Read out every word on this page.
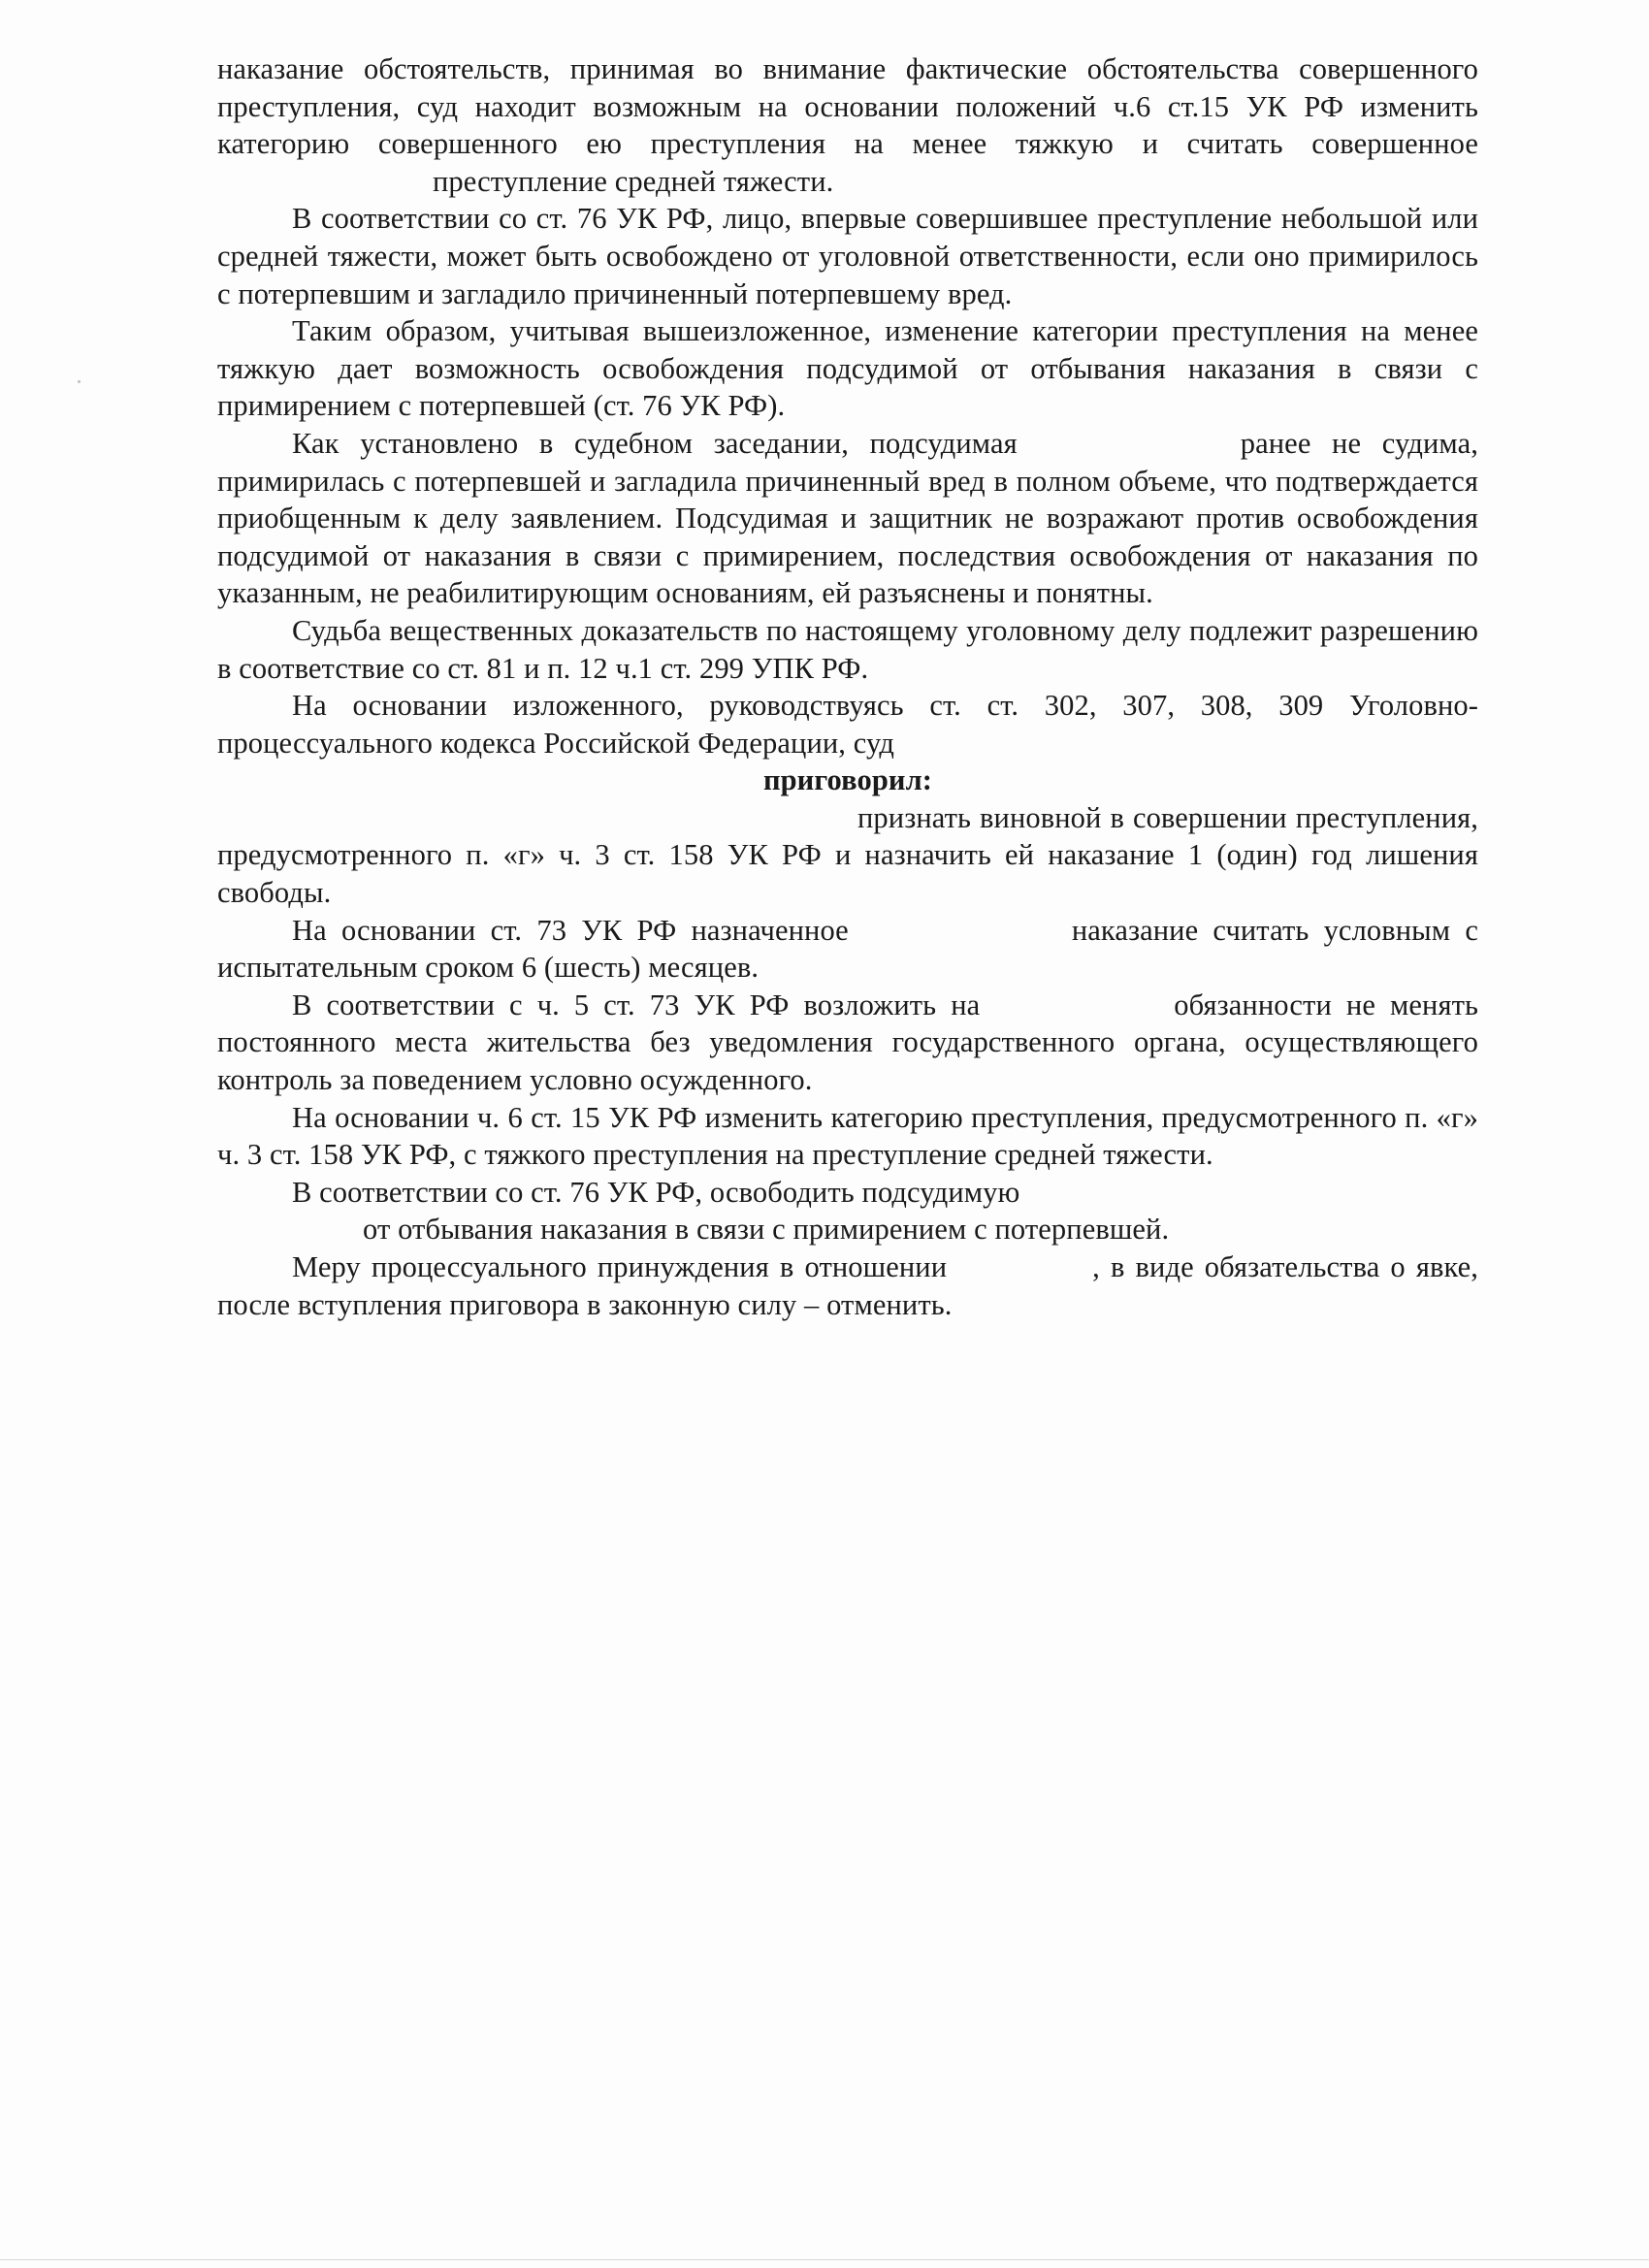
наказание обстоятельств, принимая во внимание фактические обстоятельства совершенного преступления, суд находит возможным на основании положений ч.6 ст.15 УК РФ изменить категорию совершенного ею преступления на менее тяжкую и считать совершенноепреступление средней тяжести.

В соответствии со ст. 76 УК РФ, лицо, впервые совершившее преступление небольшой или средней тяжести, может быть освобождено от уголовной ответственности, если оно примирилось с потерпевшим и загладило причиненный потерпевшему вред.

Таким образом, учитывая вышеизложенное, изменение категории преступления на менее тяжкую дает возможность освобождения подсудимой от отбывания наказания в связи с примирением с потерпевшей (ст. 76 УК РФ).

Как установлено в судебном заседании, подсудимая	ранее не судима, примирилась с потерпевшей и загладила причиненный вред в полном объеме, что подтверждается приобщенным к делу заявлением. Подсудимая и защитник не возражают против освобождения подсудимой от наказания в связи с примирением, последствия освобождения от наказания по указанным, не реабилитирующим основаниям, ей разъяснены и понятны.

Судьба вещественных доказательств по настоящему уголовному делу подлежит разрешению в соответствие со ст. 81 и п. 12 ч.1 ст. 299 УПК РФ.

На основании изложенного, руководствуясь ст. ст. 302, 307, 308, 309 Уголовно-процессуального кодекса Российской Федерации, суд

приговорил:

признать виновной в совершении преступления, предусмотренного п. «г» ч. 3 ст. 158 УК РФ и назначить ей наказание 1 (один) год лишения свободы.

На основании ст. 73 УК РФ назначенное	наказание считать условным с испытательным сроком 6 (шесть) месяцев.

В соответствии с ч. 5 ст. 73 УК РФ возложить на	обязанности не менять постоянного места жительства без уведомления государственного органа, осуществляющего контроль за поведением условно осужденного.

На основании ч. 6 ст. 15 УК РФ изменить категорию преступления, предусмотренного п. «г» ч. 3 ст. 158 УК РФ, с тяжкого преступления на преступление средней тяжести.

В соответствии со ст. 76 УК РФ, освободить подсудимую

от отбывания наказания в связи с примирением с потерпевшей.

Меру процессуального принуждения в отношении	, в виде обязательства о явке, после вступления приговора в законную силу – отменить.
